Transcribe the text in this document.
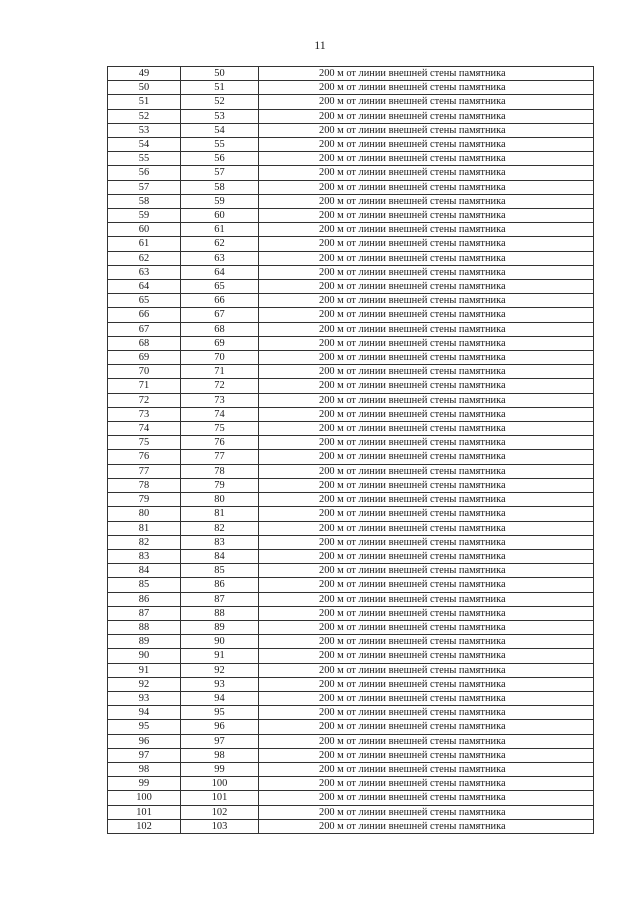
11
49	50	200 м от линии внешней стены памятника
50	51	200 м от линии внешней стены памятника
51	52	200 м от линии внешней стены памятника
52	53	200 м от линии внешней стены памятника
53	54	200 м от линии внешней стены памятника
54	55	200 м от линии внешней стены памятника
55	56	200 м от линии внешней стены памятника
56	57	200 м от линии внешней стены памятника
57	58	200 м от линии внешней стены памятника
58	59	200 м от линии внешней стены памятника
59	60	200 м от линии внешней стены памятника
60	61	200 м от линии внешней стены памятника
61	62	200 м от линии внешней стены памятника
62	63	200 м от линии внешней стены памятника
63	64	200 м от линии внешней стены памятника
64	65	200 м от линии внешней стены памятника
65	66	200 м от линии внешней стены памятника
66	67	200 м от линии внешней стены памятника
67	68	200 м от линии внешней стены памятника
68	69	200 м от линии внешней стены памятника
69	70	200 м от линии внешней стены памятника
70	71	200 м от линии внешней стены памятника
71	72	200 м от линии внешней стены памятника
72	73	200 м от линии внешней стены памятника
73	74	200 м от линии внешней стены памятника
74	75	200 м от линии внешней стены памятника
75	76	200 м от линии внешней стены памятника
76	77	200 м от линии внешней стены памятника
77	78	200 м от линии внешней стены памятника
78	79	200 м от линии внешней стены памятника
79	80	200 м от линии внешней стены памятника
80	81	200 м от линии внешней стены памятника
81	82	200 м от линии внешней стены памятника
82	83	200 м от линии внешней стены памятника
83	84	200 м от линии внешней стены памятника
84	85	200 м от линии внешней стены памятника
85	86	200 м от линии внешней стены памятника
86	87	200 м от линии внешней стены памятника
87	88	200 м от линии внешней стены памятника
88	89	200 м от линии внешней стены памятника
89	90	200 м от линии внешней стены памятника
90	91	200 м от линии внешней стены памятника
91	92	200 м от линии внешней стены памятника
92	93	200 м от линии внешней стены памятника
93	94	200 м от линии внешней стены памятника
94	95	200 м от линии внешней стены памятника
95	96	200 м от линии внешней стены памятника
96	97	200 м от линии внешней стены памятника
97	98	200 м от линии внешней стены памятника
98	99	200 м от линии внешней стены памятника
99	100	200 м от линии внешней стены памятника
100	101	200 м от линии внешней стены памятника
101	102	200 м от линии внешней стены памятника
102	103	200 м от линии внешней стены памятника
